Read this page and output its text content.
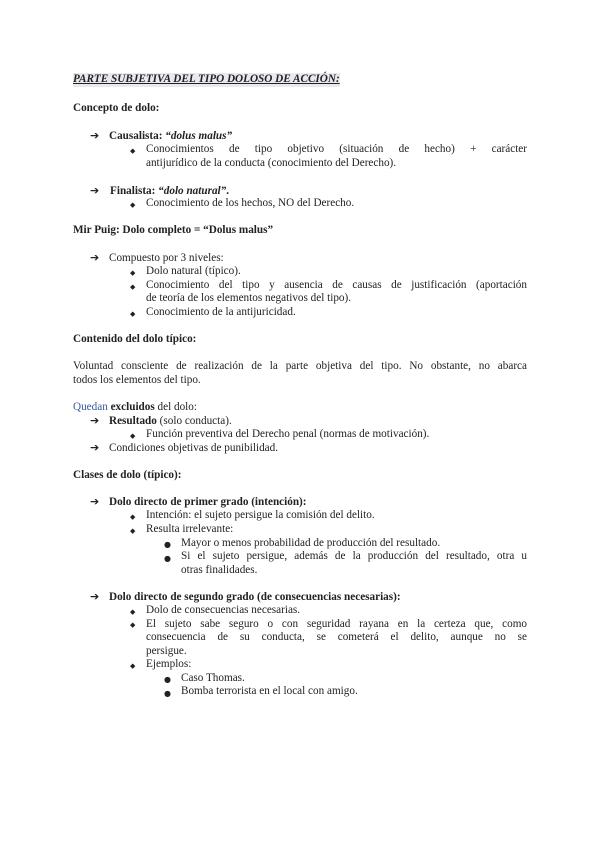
PARTE SUBJETIVA DEL TIPO DOLOSO DE ACCIÓN:
Concepto de dolo:
➔ Causalista: “dolus malus”
◆ Conocimientos de tipo objetivo (situación de hecho) + carácter
antijurídico de la conducta (conocimiento del Derecho).
➔ Finalista: “dolo natural”.
◆ Conocimiento de los hechos, NO del Derecho.
Mir Puig: Dolo completo = “Dolus malus”
➔ Compuesto por 3 niveles:
◆ Dolo natural (típico).
◆ Conocimiento del tipo y ausencia de causas de justificación (aportación
de teoría de los elementos negativos del tipo).
◆ Conocimiento de la antijuricidad.
Contenido del dolo típico:
Voluntad consciente de realización de la parte objetiva del tipo. No obstante, no abarca
todos los elementos del tipo.
Quedan excluidos del dolo:
➔ Resultado (solo conducta).
◆ Función preventiva del Derecho penal (normas de motivación).
➔ Condiciones objetivas de punibilidad.
Clases de dolo (típico):
➔ Dolo directo de primer grado (intención):
◆ Intención: el sujeto persigue la comisión del delito.
◆ Resulta irrelevante:
● Mayor o menos probabilidad de producción del resultado.
● Si el sujeto persigue, además de la producción del resultado, otra u
otras finalidades.
➔ Dolo directo de segundo grado (de consecuencias necesarias):
◆ Dolo de consecuencias necesarias.
◆ El sujeto sabe seguro o con seguridad rayana en la certeza que, como
consecuencia de su conducta, se cometerá el delito, aunque no se
persigue.
◆ Ejemplos:
● Caso Thomas.
● Bomba terrorista en el local con amigo.
